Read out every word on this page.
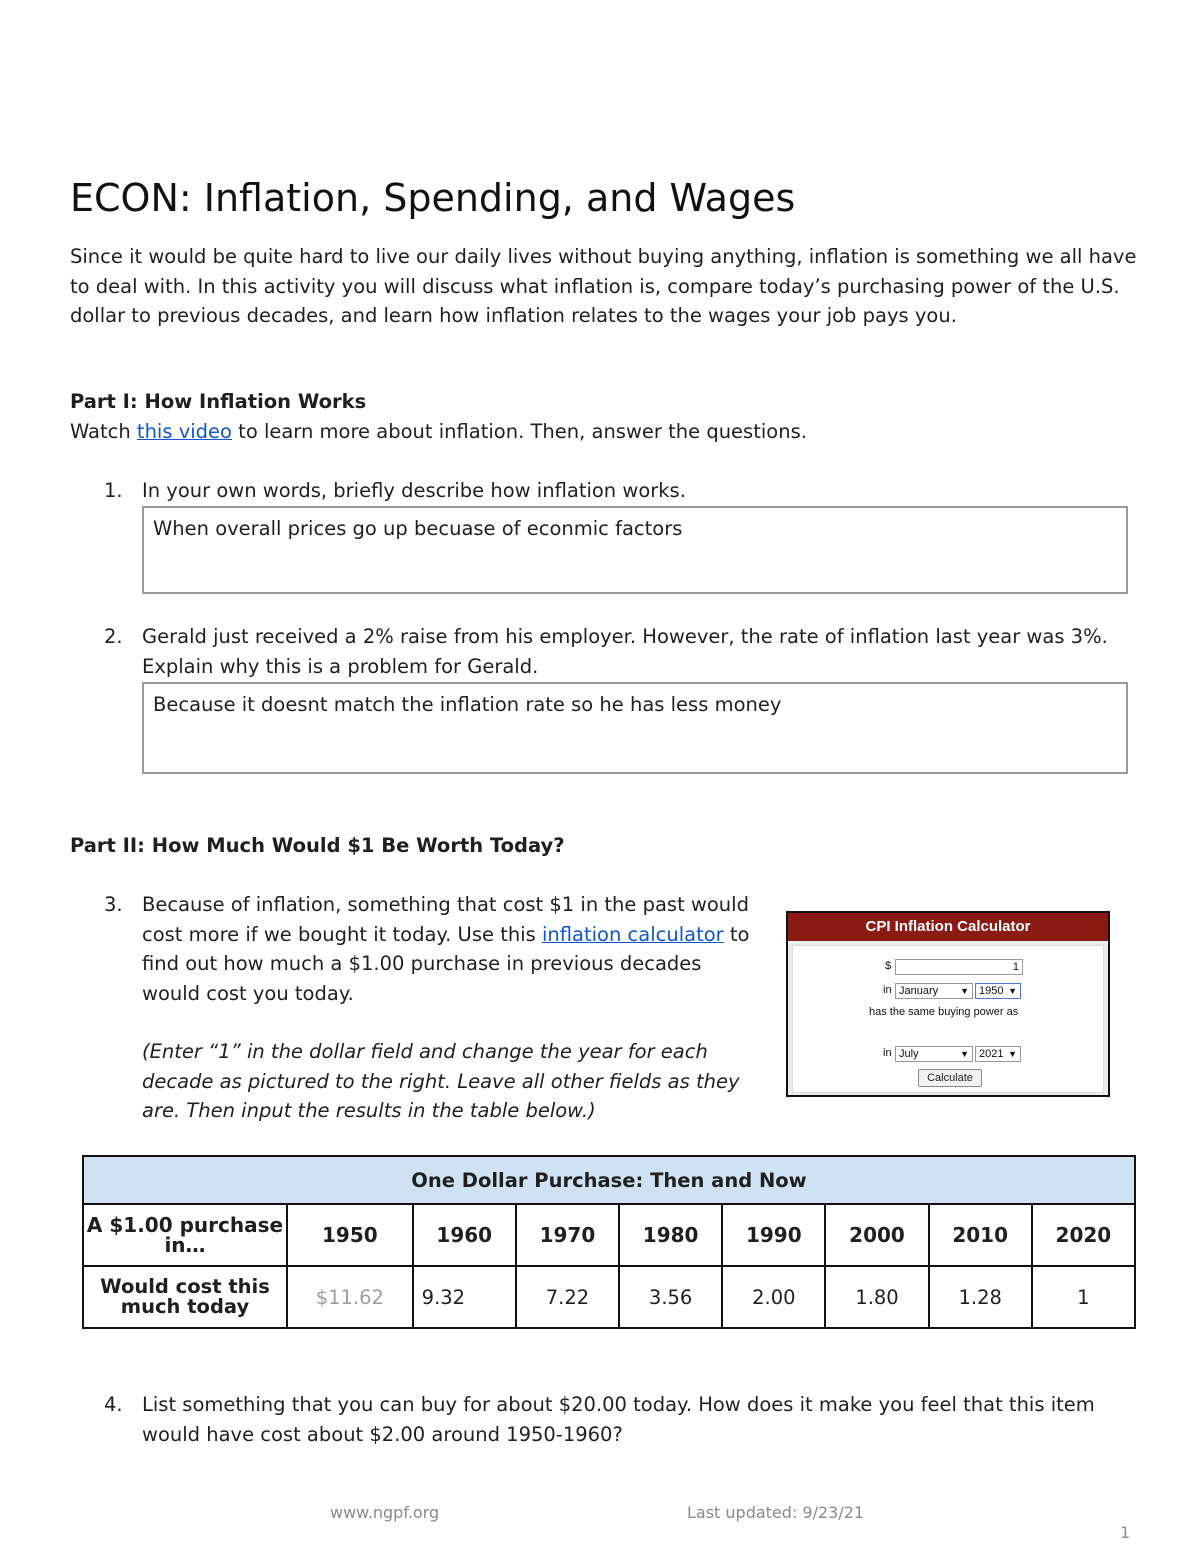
ECON: Inflation, Spending, and Wages

Since it would be quite hard to live our daily lives without buying anything, inflation is something we all have to deal with. In this activity you will discuss what inflation is, compare today’s purchasing power of the U.S. dollar to previous decades, and learn how inflation relates to the wages your job pays you.

Part I: How Inflation Works

Watch this video to learn more about inflation. Then, answer the questions.

1. In your own words, briefly describe how inflation works.

When overall prices go up becuase of econmic factors
2. Gerald just received a 2% raise from his employer. However, the rate of inflation last year was 3%. Explain why this is a problem for Gerald.

Because it doesnt match the inflation rate so he has less money

Part II: How Much Would $1 Be Worth Today?

3. Because of inflation, something that cost $1 in the past would cost more if we bought it today. Use this inflation calculator to find out how much a $1.00 purchase in previous decades would cost you today.

(Enter “1” in the dollar field and change the year for each decade as pictured to the right. Leave all other fields as they are. Then input the results in the table below.)

CPI Inflation Calculator
$	1
in January ▼ 1950 ▼
has the same buying power as
in July	▼ 2021 ▼
Calculate
One Dollar Purchase: Then and Now								
A $1.00 purchase in…	1950	1960	1970	1980	1990	2000	2010	2020
Would cost this much today	$11.62	9.32	7.22	3.56	2.00	1.80	1.28	1
4. List something that you can buy for about $20.00 today. How does it make you feel that this item would have cost about $2.00 around 1950-1960?

www.ngpf.org	Last updated: 9/23/21
1
